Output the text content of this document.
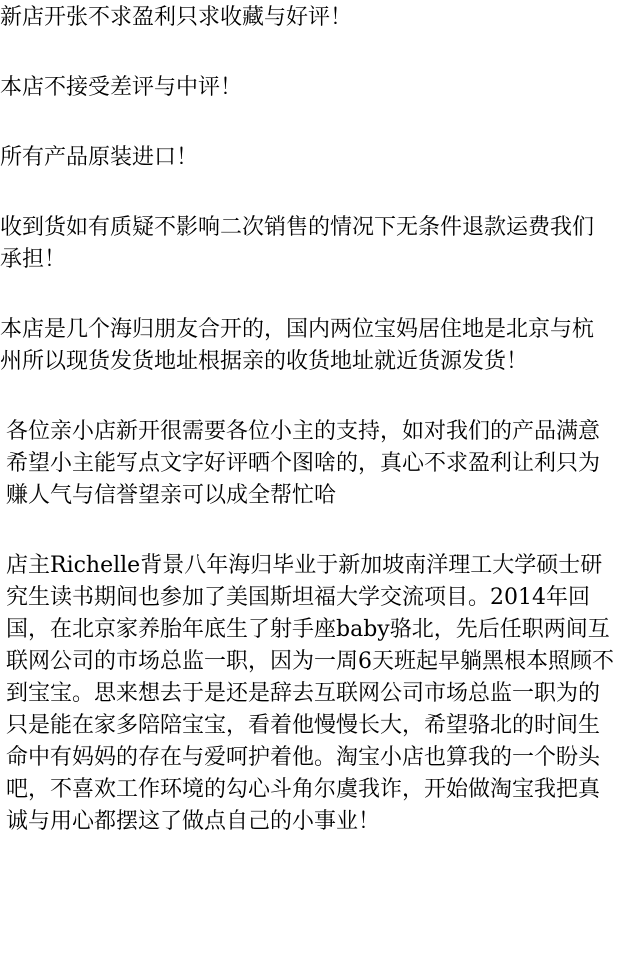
新店开张不求盈利只求收藏与好评！

本店不接受差评与中评！

所有产品原装进口！

收到货如有质疑不影响二次销售的情况下无条件退款运费我们承担！

本店是几个海归朋友合开的，国内两位宝妈居住地是北京与杭州所以现货发货地址根据亲的收货地址就近货源发货！

各位亲小店新开很需要各位小主的支持，如对我们的产品满意希望小主能写点文字好评晒个图啥的，真心不求盈利让利只为赚人气与信誉望亲可以成全帮忙哈

店主Richelle背景八年海归毕业于新加坡南洋理工大学硕士研究生读书期间也参加了美国斯坦福大学交流项目。2014年回国，在北京家养胎年底生了射手座baby骆北，先后任职两间互联网公司的市场总监一职，因为一周6天班起早躺黑根本照顾不到宝宝。思来想去于是还是辞去互联网公司市场总监一职为的只是能在家多陪陪宝宝，看着他慢慢长大，希望骆北的时间生命中有妈妈的存在与爱呵护着他。淘宝小店也算我的一个盼头吧，不喜欢工作环境的勾心斗角尔虞我诈，开始做淘宝我把真诚与用心都摆这了做点自己的小事业！
